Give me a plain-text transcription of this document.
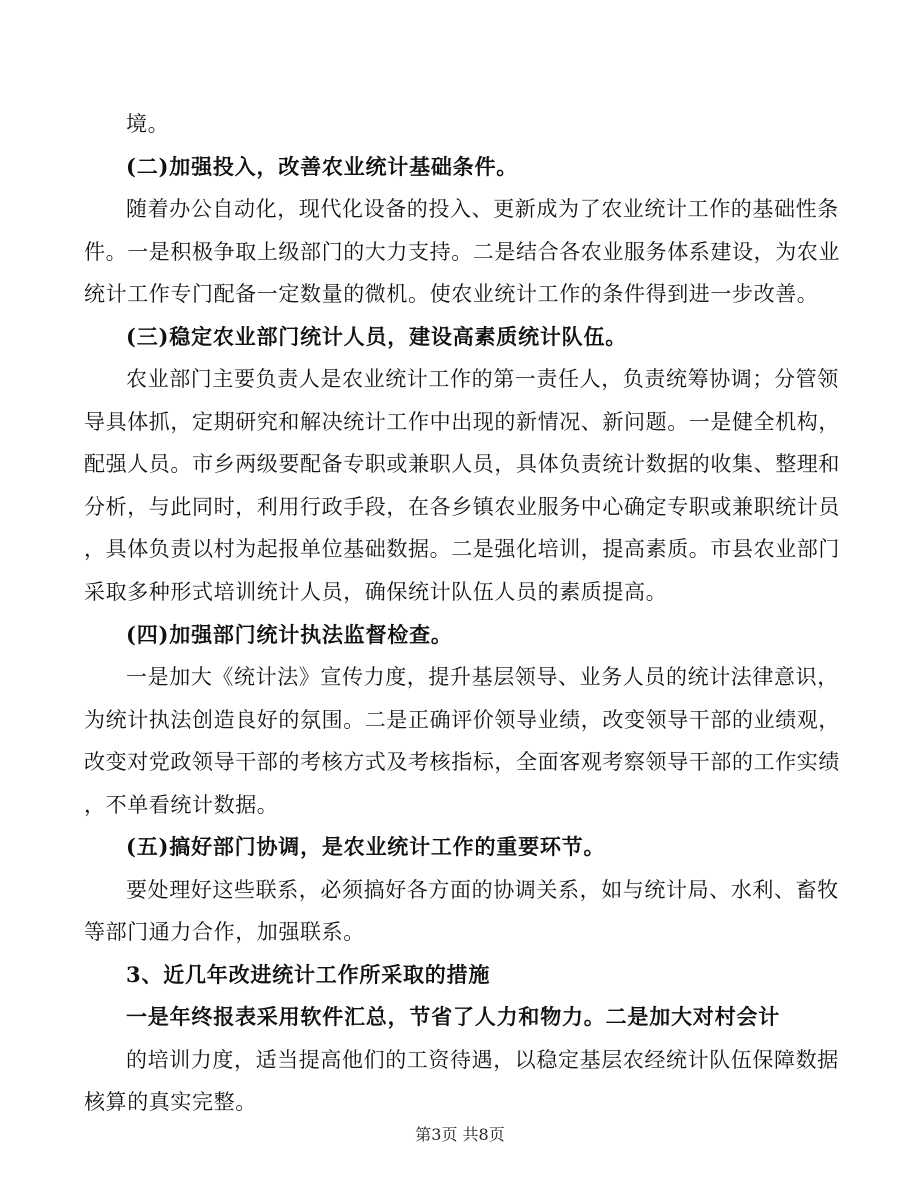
境。
(二)加强投入，改善农业统计基础条件。
随着办公自动化，现代化设备的投入、更新成为了农业统计工作的基础性条
件。一是积极争取上级部门的大力支持。二是结合各农业服务体系建设，为农业
统计工作专门配备一定数量的微机。使农业统计工作的条件得到进一步改善。
(三)稳定农业部门统计人员，建设高素质统计队伍。
农业部门主要负责人是农业统计工作的第一责任人，负责统筹协调；分管领
导具体抓，定期研究和解决统计工作中出现的新情况、新问题。一是健全机构，
配强人员。市乡两级要配备专职或兼职人员，具体负责统计数据的收集、整理和
分析，与此同时，利用行政手段，在各乡镇农业服务中心确定专职或兼职统计员
，具体负责以村为起报单位基础数据。二是强化培训，提高素质。市县农业部门
采取多种形式培训统计人员，确保统计队伍人员的素质提高。
(四)加强部门统计执法监督检查。
一是加大《统计法》宣传力度，提升基层领导、业务人员的统计法律意识，
为统计执法创造良好的氛围。二是正确评价领导业绩，改变领导干部的业绩观，
改变对党政领导干部的考核方式及考核指标，全面客观考察领导干部的工作实绩
，不单看统计数据。
(五)搞好部门协调，是农业统计工作的重要环节。
要处理好这些联系，必须搞好各方面的协调关系，如与统计局、水利、畜牧
等部门通力合作，加强联系。
3、近几年改进统计工作所采取的措施
一是年终报表采用软件汇总，节省了人力和物力。二是加大对村会计
的培训力度，适当提高他们的工资待遇，以稳定基层农经统计队伍保障数据
核算的真实完整。
第3页 共8页
